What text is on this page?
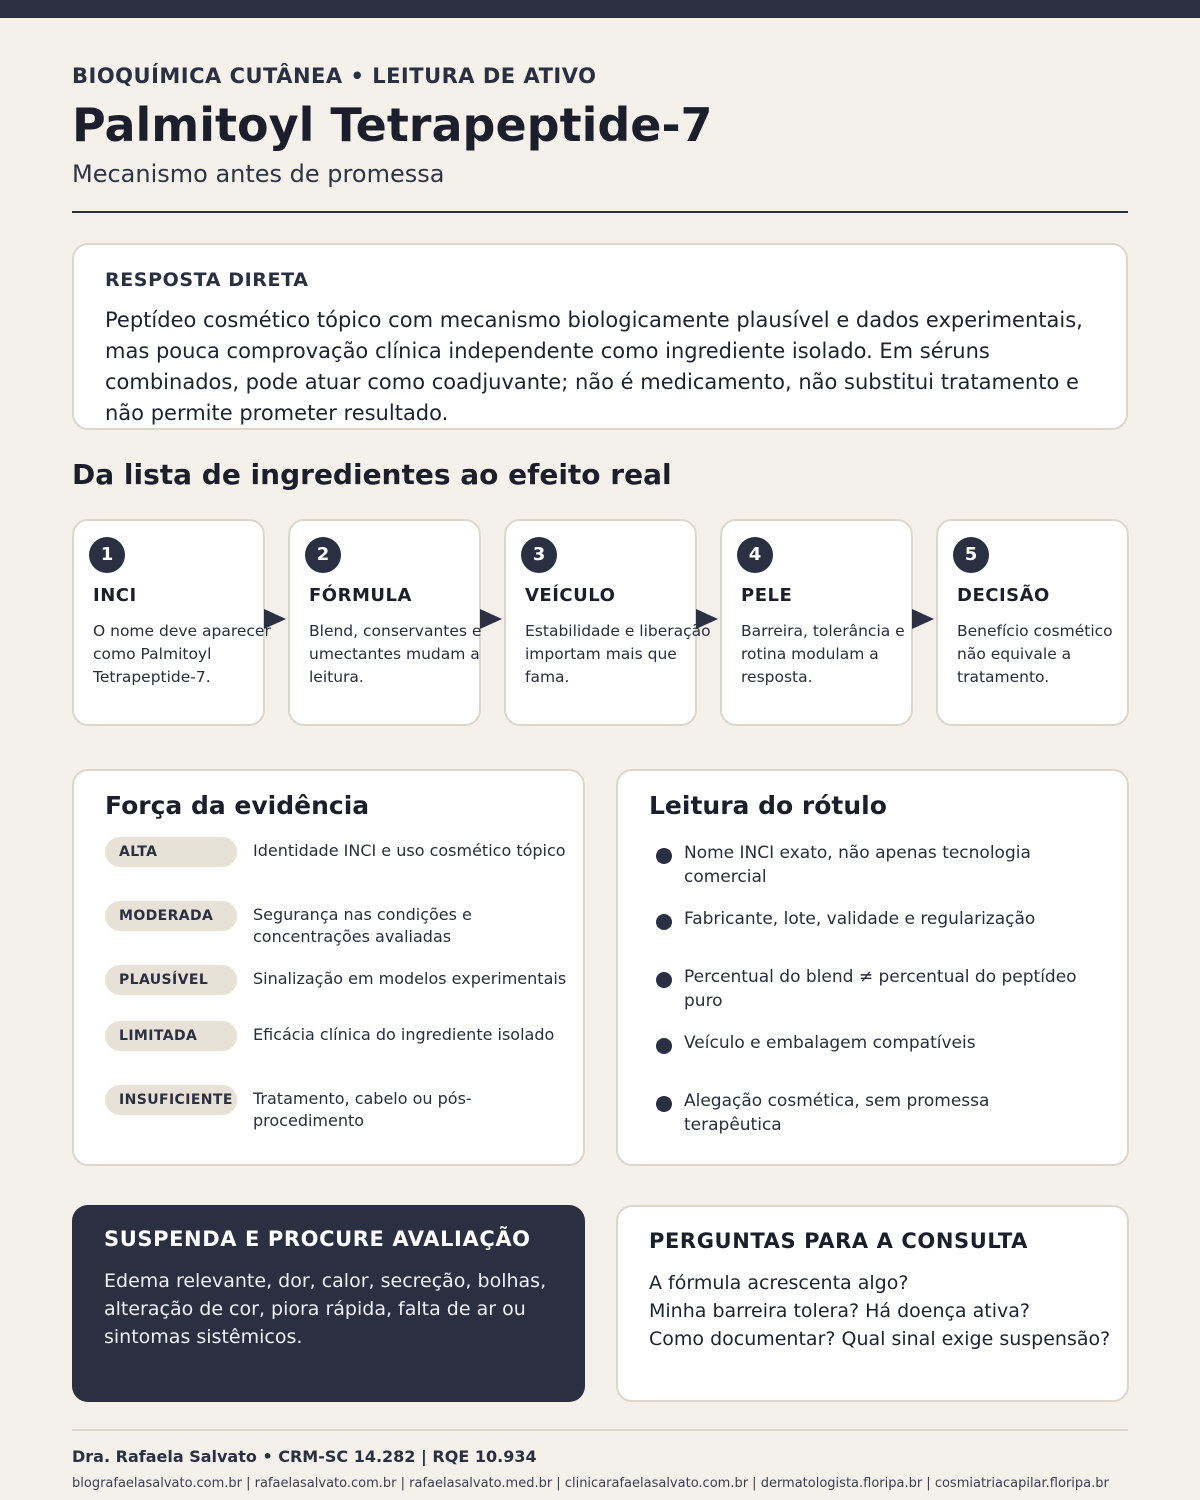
BIOQUÍMICA CUTÂNEA • LEITURA DE ATIVO
Palmitoyl Tetrapeptide-7
Mecanismo antes de promessa
RESPOSTA DIRETA

Peptídeo cosmético tópico com mecanismo biologicamente plausível e dados experimentais, mas pouca comprovação clínica independente como ingrediente isolado. Em séruns combinados, pode atuar como coadjuvante; não é medicamento, não substitui tratamento e não permite prometer resultado.

Da lista de ingredientes ao efeito real
1
INCI
O nome deve aparecer como Palmitoyl Tetrapeptide-7.
2
FÓRMULA
Blend, conservantes e umectantes mudam a leitura.
3
VEÍCULO
Estabilidade e liberação importam mais que fama.
4
PELE
Barreira, tolerância e rotina modulam a resposta.
5
DECISÃO
Benefício cosmético não equivale a tratamento.
Força da evidência
ALTA	Identidade INCI e uso cosmético tópico
MODERADA	Segurança nas condições e concentrações avaliadas
PLAUSÍVEL	Sinalização em modelos experimentais
LIMITADA	Eficácia clínica do ingrediente isolado
INSUFICIENTE Tratamento, cabelo ou pós-procedimento
Leitura do rótulo
Nome INCI exato, não apenas tecnologia comercial
Fabricante, lote, validade e regularização
Percentual do blend ≠ percentual do peptídeo puro
Veículo e embalagem compatíveis
Alegação cosmética, sem promessa terapêutica
SUSPENDA E PROCURE AVALIAÇÃO

Edema relevante, dor, calor, secreção, bolhas, alteração de cor, piora rápida, falta de ar ou sintomas sistêmicos.

PERGUNTAS PARA A CONSULTA
A fórmula acrescenta algo?
Minha barreira tolera? Há doença ativa?
Como documentar? Qual sinal exige suspensão?
Dra. Rafaela Salvato • CRM-SC 14.282 | RQE 10.934
blografaelasalvato.com.br | rafaelasalvato.com.br | rafaelasalvato.med.br | clinicarafaelasalvato.com.br | dermatologista.floripa.br | cosmiatriacapilar.floripa.br
